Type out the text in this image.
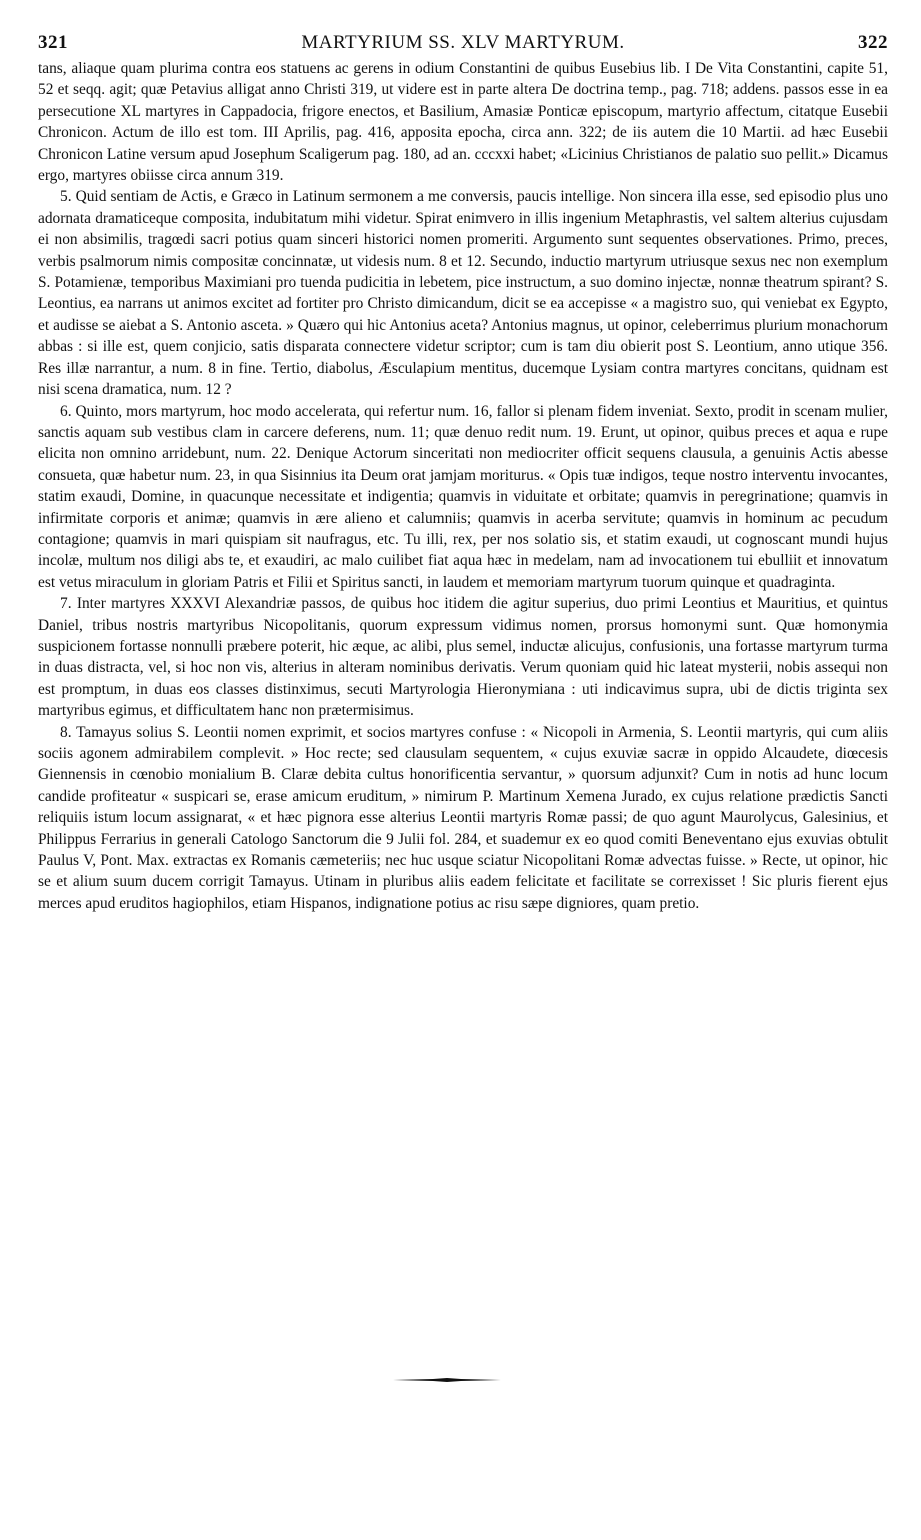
321	MARTYRIUM SS. XLV MARTYRUM.	322

tans, aliaque quam plurima contra eos statuens ac gerens in odium Constantini de quibus Eusebius lib. I De Vita Constantini, capite 51, 52 et seqq. agit; quæ Petavius alligat anno Christi 319, ut videre est in parte altera De doctrina temp., pag. 718; addens. passos esse in ea persecutione XL martyres in Cappadocia, frigore enectos, et Basilium, Amasiæ Ponticæ episcopum, martyrio affectum, citatque Eusebii Chronicon. Actum de illo est tom. III Aprilis, pag. 416, apposita epocha, circa ann. 322; de iis autem die 10 Martii. ad hæc Eusebii Chronicon Latine versum apud Josephum Scaligerum pag. 180, ad an. cccxxi habet; «Licinius Christianos de palatio suo pellit.» Dicamus ergo, martyres obiisse circa annum 319.

5. Quid sentiam de Actis, e Græco in Latinum sermonem a me conversis, paucis intellige. Non sincera illa esse, sed episodio plus uno adornata dramaticeque composita, indubitatum mihi videtur. Spirat enimvero in illis ingenium Metaphrastis, vel saltem alterius cujusdam ei non absimilis, tragœdi sacri potius quam sinceri historici nomen promeriti. Argumento sunt sequentes observationes. Primo, preces, verbis psalmorum nimis compositæ concinnatæ, ut videsis num. 8 et 12. Secundo, inductio martyrum utriusque sexus nec non exemplum S. Potamienæ, temporibus Maximiani pro tuenda pudicitia in lebetem, pice instructum, a suo domino injectæ, nonnæ theatrum spirant? S. Leontius, ea narrans ut animos excitet ad fortiter pro Christo dimicandum, dicit se ea accepisse « a magistro suo, qui veniebat ex Egypto, et audisse se aiebat a S. Antonio asceta. » Quæro qui hic Antonius aceta? Antonius magnus, ut opinor, celeberrimus plurium monachorum abbas : si ille est, quem conjicio, satis disparata connectere videtur scriptor; cum is tam diu obierit post S. Leontium, anno utique 356. Res illæ narrantur, a num. 8 in fine. Tertio, diabolus, Æsculapium mentitus, ducemque Lysiam contra martyres concitans, quidnam est nisi scena dramatica, num. 12 ?

6. Quinto, mors martyrum, hoc modo accelerata, qui refertur num. 16, fallor si plenam fidem inveniat. Sexto, prodit in scenam mulier, sanctis aquam sub vestibus clam in carcere deferens, num. 11; quæ denuo redit num. 19. Erunt, ut opinor, quibus preces et aqua e rupe elicita non omnino arridebunt, num. 22. Denique Actorum sinceritati non mediocriter officit sequens clausula, a genuinis Actis abesse consueta, quæ habetur num. 23, in qua Sisinnius ita Deum orat jamjam moriturus. « Opis tuæ indigos, teque nostro interventu invocantes, statim exaudi, Domine, in quacunque necessitate et indigentia; quamvis in viduitate et orbitate; quamvis in peregrinatione; quamvis in infirmitate corporis et animæ; quamvis in ære alieno et calumniis; quamvis in acerba servitute; quamvis in hominum ac pecudum contagione; quamvis in mari quispiam sit naufragus, etc. Tu illi, rex, per nos solatio sis, et statim exaudi, ut cognoscant mundi hujus incolæ, multum nos diligi abs te, et exaudiri, ac malo cuilibet fiat aqua hæc in medelam, nam ad invocationem tui ebulliit et innovatum est vetus miraculum in gloriam Patris et Filii et Spiritus sancti, in laudem et memoriam martyrum tuorum quinque et quadraginta.

7. Inter martyres XXXVI Alexandriæ passos, de quibus hoc itidem die agitur superius, duo primi Leontius et Mauritius, et quintus Daniel, tribus nostris martyribus Nicopolitanis, quorum expressum vidimus nomen, prorsus homonymi sunt. Quæ homonymia suspicionem fortasse nonnulli præbere poterit, hic æque, ac alibi, plus semel, inductæ alicujus, confusionis, una fortasse martyrum turma in duas distracta, vel, si hoc non vis, alterius in alteram nominibus derivatis. Verum quoniam quid hic lateat mysterii, nobis assequi non est promptum, in duas eos classes distinximus, secuti Martyrologia Hieronymiana : uti indicavimus supra, ubi de dictis triginta sex martyribus egimus, et difficultatem hanc non prætermisimus.

8. Tamayus solius S. Leontii nomen exprimit, et socios martyres confuse : « Nicopoli in Armenia, S. Leontii martyris, qui cum aliis sociis agonem admirabilem complevit. » Hoc recte; sed clausulam sequentem, « cujus exuviæ sacræ in oppido Alcaudete, diœcesis Giennensis in cœnobio monialium B. Claræ debita cultus honorificentia servantur, » quorsum adjunxit? Cum in notis ad hunc locum candide profiteatur « suspicari se, erase amicum eruditum, » nimirum P. Martinum Xemena Jurado, ex cujus relatione prædictis Sancti reliquiis istum locum assignarat, « et hæc pignora esse alterius Leontii martyris Romæ passi; de quo agunt Maurolycus, Galesinius, et Philippus Ferrarius in generali Catologo Sanctorum die 9 Julii fol. 284, et suademur ex eo quod comiti Beneventano ejus exuvias obtulit Paulus V, Pont. Max. extractas ex Romanis cæmeteriis; nec huc usque sciatur Nicopolitani Romæ advectas fuisse. » Recte, ut opinor, hic se et alium suum ducem corrigit Tamayus. Utinam in pluribus aliis eadem felicitate et facilitate se correxisset ! Sic pluris fierent ejus merces apud eruditos hagiophilos, etiam Hispanos, indignatione potius ac risu sæpe digniores, quam pretio.
